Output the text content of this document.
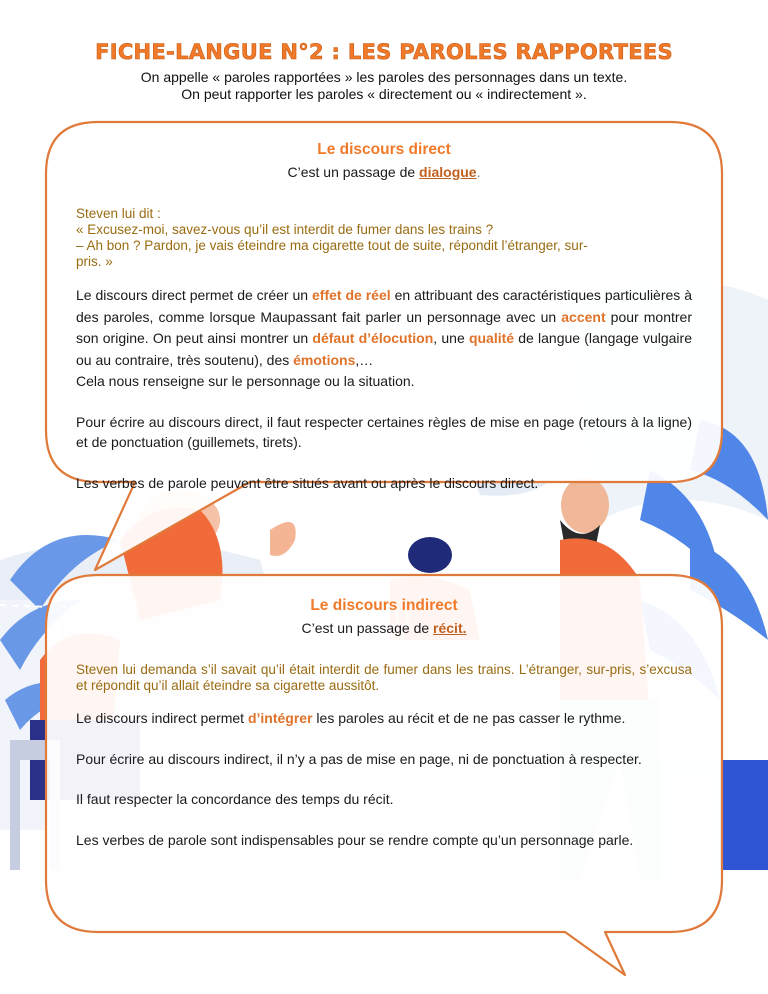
FICHE-LANGUE N°2 : LES PAROLES RAPPORTEES
On appelle « paroles rapportées » les paroles des personnages dans un texte.
On peut rapporter les paroles « directement ou « indirectement ».
Le discours direct
C’est un passage de dialogue.
Steven lui dit :
« Excusez-moi, savez-vous qu’il est interdit de fumer dans les trains ?
– Ah bon ? Pardon, je vais éteindre ma cigarette tout de suite, répondit l’étranger, sur-
pris. »

Le discours direct permet de créer un effet de réel en attribuant des caractéristiques particulières à des paroles, comme lorsque Maupassant fait parler un personnage avec un accent pour montrer son origine. On peut ainsi montrer un défaut d’élocution, une qualité de langue (langage vulgaire ou au contraire, très soutenu), des émotions,…

Cela nous renseigne sur le personnage ou la situation.

Pour écrire au discours direct, il faut respecter certaines règles de mise en page (retours à la ligne) et de ponctuation (guillemets, tirets).

Les verbes de parole peuvent être situés avant ou après le discours direct.

Le discours indirect
C’est un passage de récit.

Steven lui demanda s’il savait qu’il était interdit de fumer dans les trains. L’étranger, sur-pris, s’excusa et répondit qu’il allait éteindre sa cigarette aussitôt.

Le discours indirect permet d’intégrer les paroles au récit et de ne pas casser le rythme.

Pour écrire au discours indirect, il n’y a pas de mise en page, ni de ponctuation à respecter.

Il faut respecter la concordance des temps du récit.

Les verbes de parole sont indispensables pour se rendre compte qu’un personnage parle.
